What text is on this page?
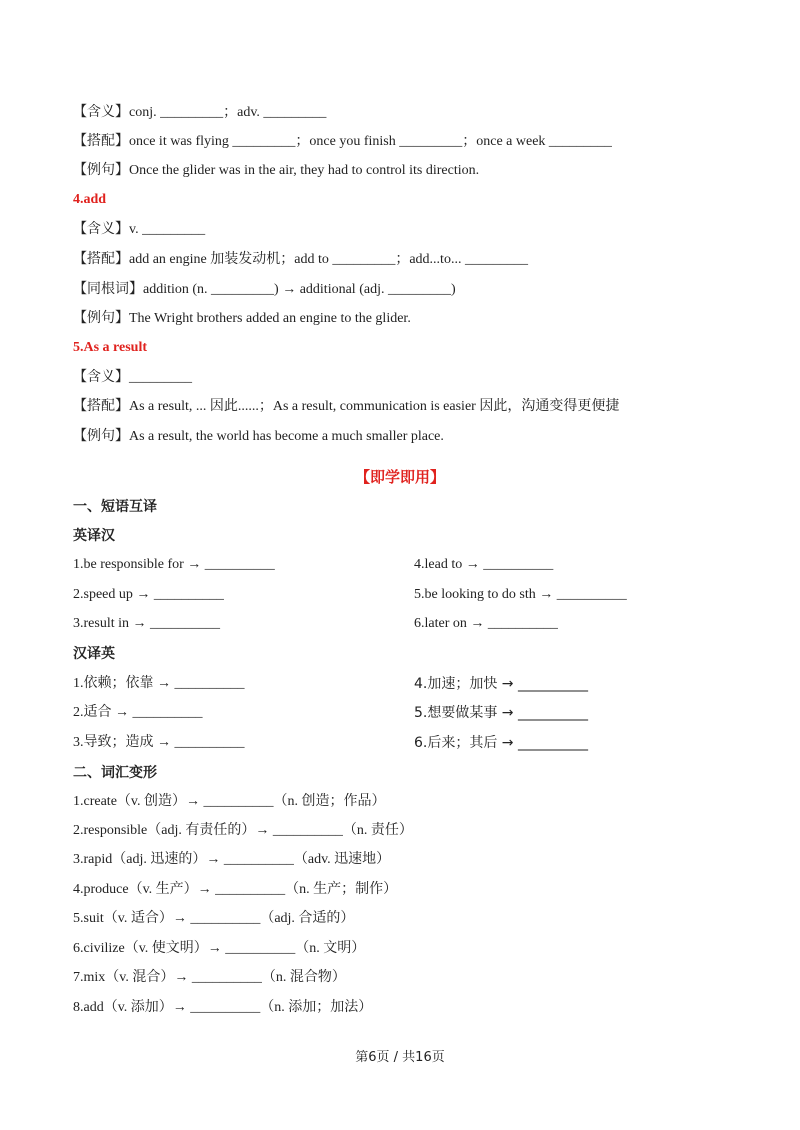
【含义】conj. _________；adv. _________
【搭配】once it was flying _________；once you finish _________；once a week _________
【例句】Once the glider was in the air, they had to control its direction.
4.add
【含义】v. _________
【搭配】add an engine 加装发动机；add to _________；add...to... _________
【同根词】addition (n. _________) → additional (adj. _________)
【例句】The Wright brothers added an engine to the glider.
5.As a result
【含义】_________
【搭配】As a result, ... 因此......；As a result, communication is easier 因此，沟通变得更便捷
【例句】As a result, the world has become a much smaller place.
【即学即用】
一、短语互译
英译汉
1.be responsible for → __________	4.lead to → __________
2.speed up → __________	5.be looking to do sth → __________
3.result in → __________	6.later on → __________
汉译英
1.依赖；依靠 → __________	4.加速；加快 → __________
2.适合 → __________	5.想要做某事 → __________
3.导致；造成 → __________	6.后来；其后 → __________
二、词汇变形
1.create（v. 创造）→ __________（n. 创造；作品）
2.responsible（adj. 有责任的）→ __________（n. 责任）
3.rapid（adj. 迅速的）→ __________（adv. 迅速地）
4.produce（v. 生产）→ __________（n. 生产；制作）
5.suit（v. 适合）→ __________（adj. 合适的）
6.civilize（v. 使文明）→ __________（n. 文明）
7.mix（v. 混合）→ __________（n. 混合物）
8.add（v. 添加）→ __________（n. 添加；加法）
第6页 / 共16页
